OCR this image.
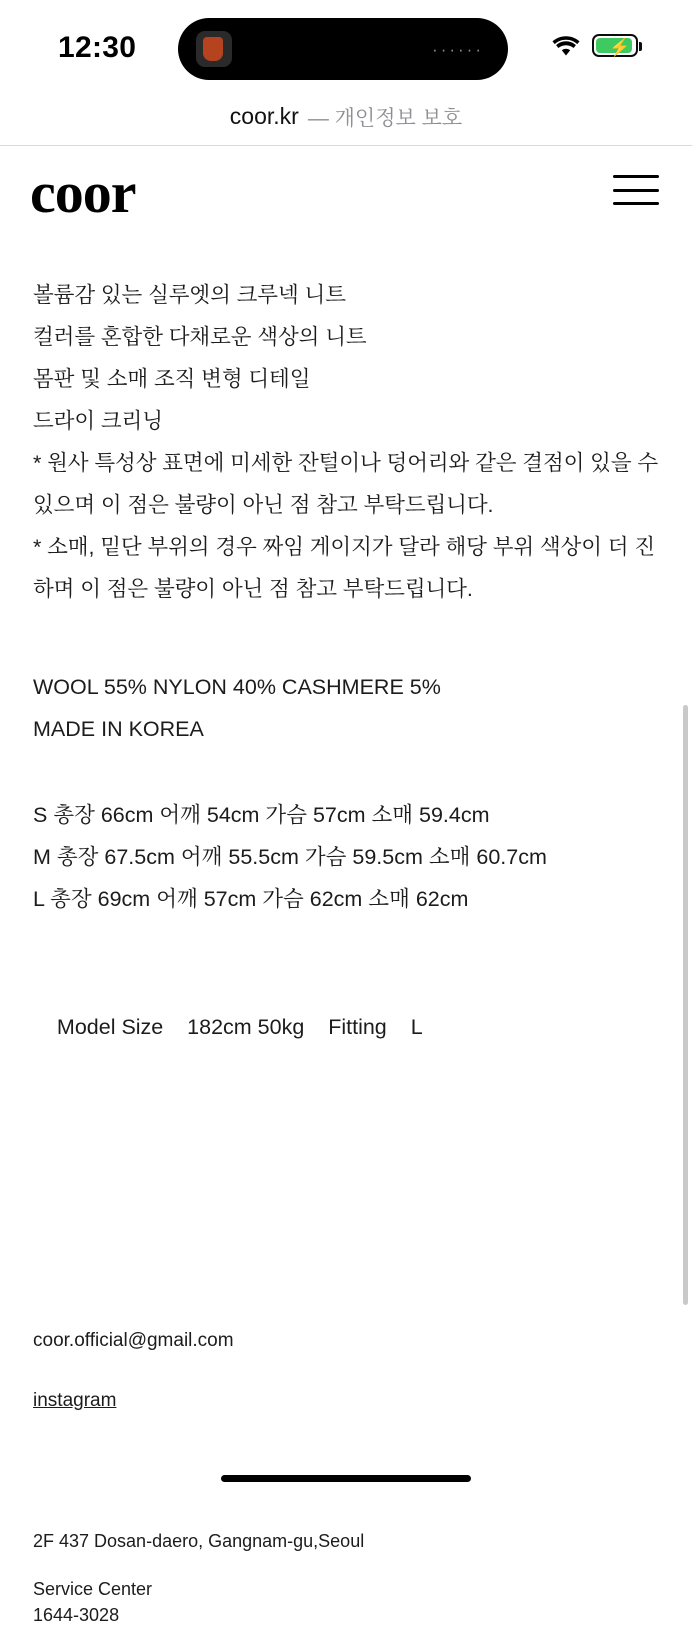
12:30	······	⚡
coor.kr — 개인정보 보호
coor
볼륨감 있는 실루엣의 크루넥 니트
컬러를 혼합한 다채로운 색상의 니트
몸판 및 소매 조직 변형 디테일
드라이 크리닝
* 원사 특성상 표면에 미세한 잔털이나 덩어리와 같은 결점이 있을 수 있으며 이 점은 불량이 아닌 점 참고 부탁드립니다.
* 소매, 밑단 부위의 경우 짜임 게이지가 달라 해당 부위 색상이 더 진하며 이 점은 불량이 아닌 점 참고 부탁드립니다.
WOOL 55% NYLON 40% CASHMERE 5%
MADE IN KOREA
S 총장 66cm 어깨 54cm 가슴 57cm 소매 59.4cm
M 총장 67.5cm 어깨 55.5cm 가슴 59.5cm 소매 60.7cm
L 총장 69cm 어깨 57cm 가슴 62cm 소매 62cm

Model Size 182cm 50kg Fitting L

coor.official@gmail.com
instagram
2F 437 Dosan-daero, Gangnam-gu,Seoul
Service Center
1644-3028
